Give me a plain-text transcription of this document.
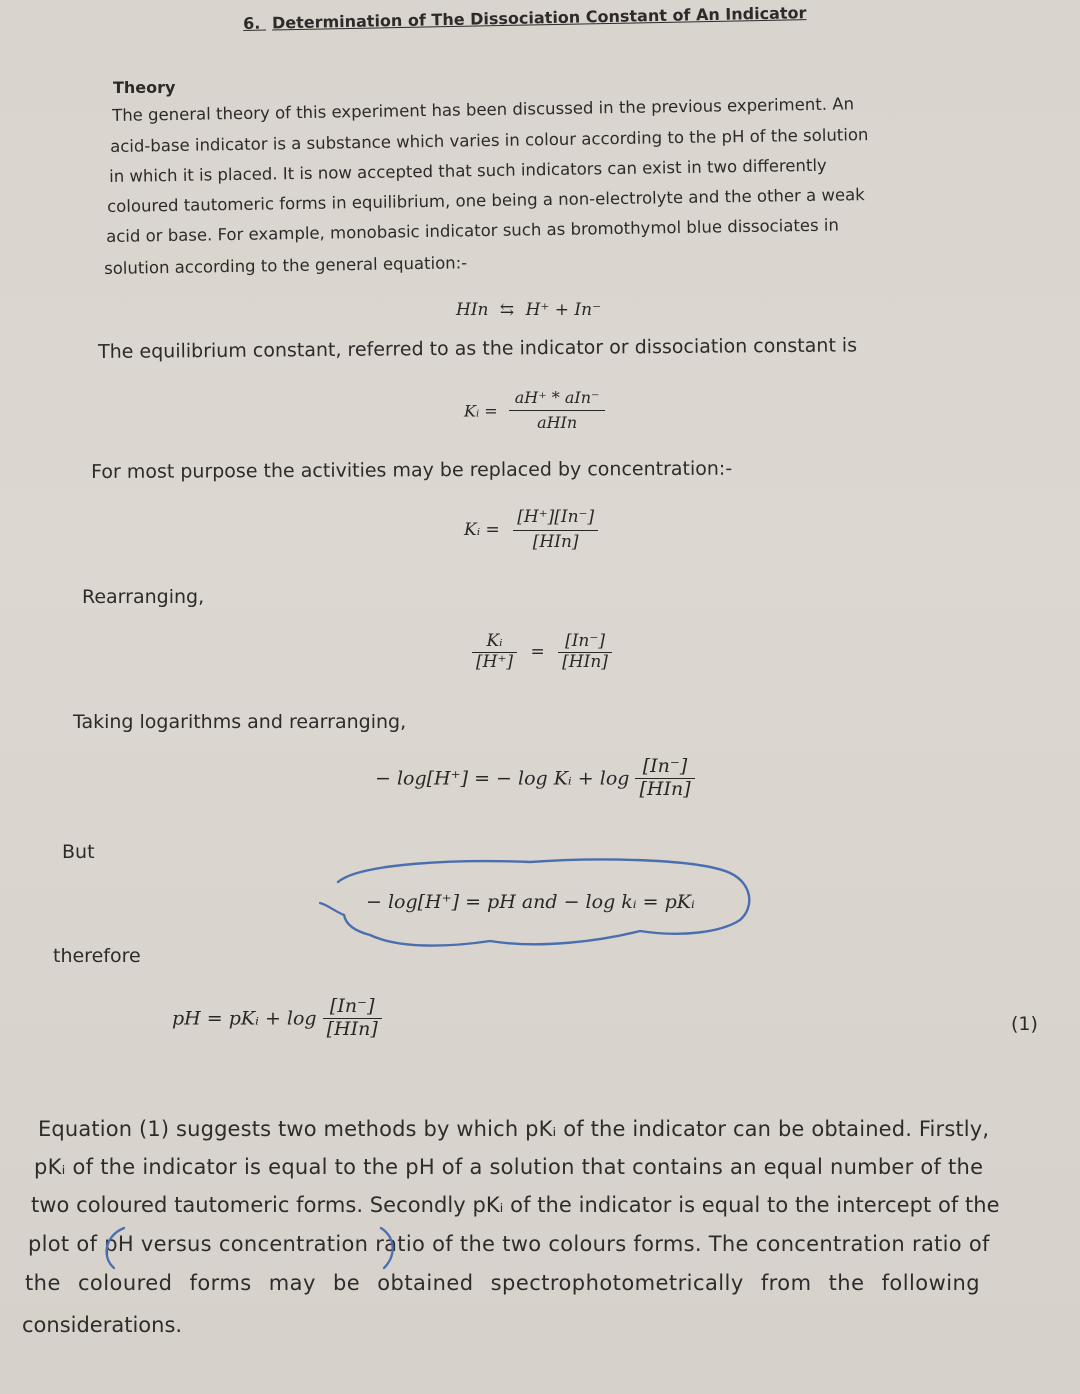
6. Determination of The Dissociation Constant of An Indicator
Theory
The general theory of this experiment has been discussed in the previous experiment. An
acid-base indicator is a substance which varies in colour according to the pH of the solution
in which it is placed. It is now accepted that such indicators can exist in two differently
coloured tautomeric forms in equilibrium, one being a non-electrolyte and the other a weak
acid or base. For example, monobasic indicator such as bromothymol blue dissociates in
solution according to the general equation:-
HIn ⇆ H⁺ + In⁻
The equilibrium constant, referred to as the indicator or dissociation constant is
Kᵢ = $\frac{\text{aH⁺ * aIn⁻}}{\text{aHIn}}$
For most purpose the activities may be replaced by concentration:-
Kᵢ = $\frac{[H^+][In^-]}{\text{[HIn]}}$
Rearranging,
$\frac{\text{Kᵢ}}{[H^+]} = \frac{[In^-]}{\text{[HIn]}}$
Taking logarithms and rearranging,
− log[H⁺] = − log Kᵢ + $\log \frac{[In^-]}{\text{[HIn]}}$
But
− log[H⁺] = pH and − log kᵢ = pKᵢ
therefore
pH = pKᵢ + $\log \frac{[In^-]}{\text{[HIn]}}$	(1)
Equation (1) suggests two methods by which pKᵢ of the indicator can be obtained. Firstly,
pKᵢ of the indicator is equal to the pH of a solution that contains an equal number of the
two coloured tautomeric forms. Secondly pKᵢ of the indicator is equal to the intercept of the
plot of pH versus concentration ratio of the two colours forms. The concentration ratio of
the coloured forms may be obtained spectrophotometrically from the following
considerations.
